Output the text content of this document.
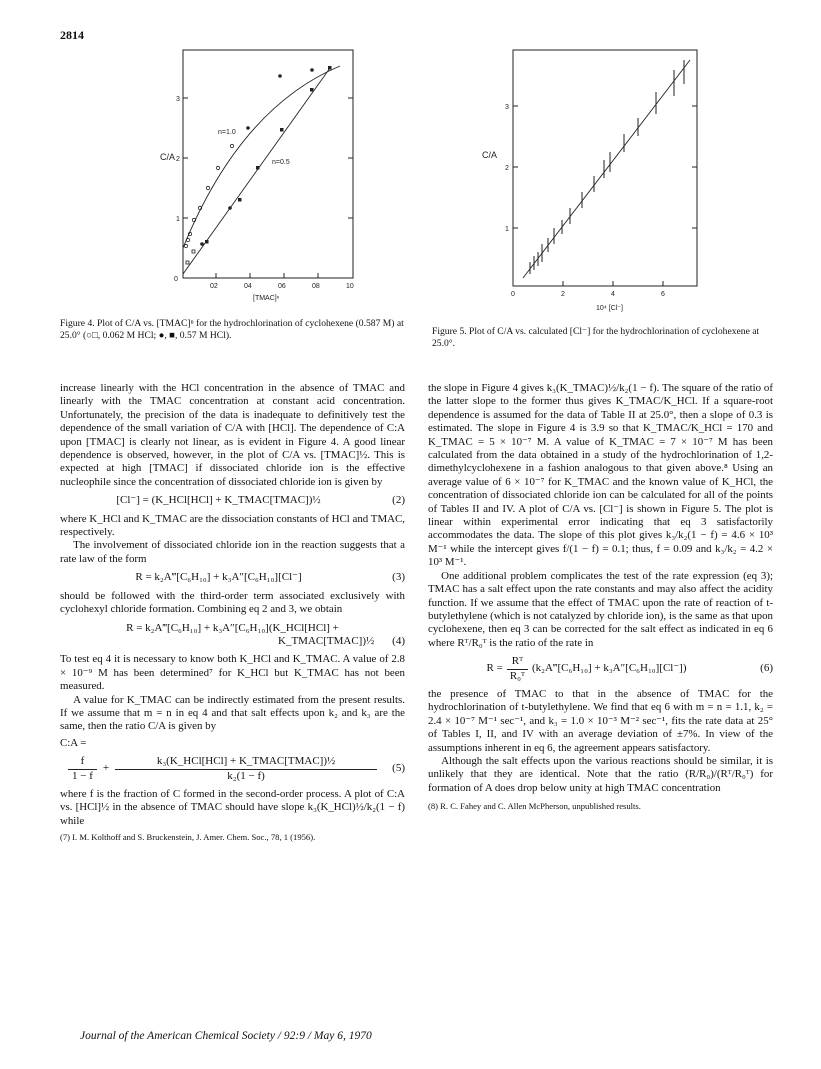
2814
0
1
2
3
02	04	06	08	10
[TMAC]ⁿ
C/A
n=1.0
n=0.5
Figure 4. Plot of C/A vs. [TMAC]ⁿ for the hydrochlorination of cyclohexene (0.587 M) at 25.0° (○□, 0.062 M HCl; ●, ■, 0.57 M HCl).
1
2
3
0	2	4	6
10⁴ [Cl⁻]
C/A
Figure 5. Plot of C/A vs. calculated [Cl⁻] for the hydrochlorination of cyclohexene at 25.0°.

increase linearly with the HCl concentration in the absence of TMAC and linearly with the TMAC concentration at constant acid concentration. Unfortunately, the precision of the data is inadequate to definitively test the dependence of the small variation of C/A with [HCl]. The dependence of C:A upon [TMAC] is clearly not linear, as is evident in Figure 4. A good linear dependence is observed, however, in the plot of C/A vs. [TMAC]½. This is expected at high [TMAC] if dissociated chloride ion is the effective nucleophile since the concentration of dissociated chloride ion is given by

[Cl⁻] = (K_HCl[HCl] + K_TMAC[TMAC])½	(2)

where K_HCl and K_TMAC are the dissociation constants of HCl and TMAC, respectively.

The involvement of dissociated chloride ion in the reaction suggests that a rate law of the form

R = k₂A‴[C₆H₁₀] + k₃A″[C₆H₁₀][Cl⁻]	(3)

should be followed with the third-order term associated exclusively with cyclohexyl chloride formation. Combining eq 2 and 3, we obtain

R = k₂A‴[C₆H₁₀] + k₃A″[C₆H₁₀](K_HCl[HCl] +
K_TMAC[TMAC])½
	(4)

To test eq 4 it is necessary to know both K_HCl and K_TMAC. A value of 2.8 × 10⁻⁹ M has been determined⁷ for K_HCl but K_TMAC has not been measured.

A value for K_TMAC can be indirectly estimated from the present results. If we assume that m = n in eq 4 and that salt effects upon k₂ and k₃ are the same, then the ratio C/A is given by

C:A =
$\frac{f}{1 - f}$ +
k₃(K_HCl[HCl] + K_TMAC[TMAC])½
k₂(1 − f)
(5)

where f is the fraction of C formed in the second-order process. A plot of C:A vs. [HCl]½ in the absence of TMAC should have slope k₃(K_HCl)½/k₂(1 − f) while

(7) I. M. Kolthoff and S. Bruckenstein, J. Amer. Chem. Soc., 78, 1 (1956).

the slope in Figure 4 gives k₃(K_TMAC)½/k₂(1 − f). The square of the ratio of the latter slope to the former thus gives K_TMAC/K_HCl. If a square-root dependence is assumed for the data of Table II at 25.0°, then a slope of 0.3 is estimated. The slope in Figure 4 is 3.9 so that K_TMAC/K_HCl = 170 and K_TMAC = 5 × 10⁻⁷ M. A value of K_TMAC = 7 × 10⁻⁷ M has been calculated from the data obtained in a study of the hydrochlorination of 1,2-dimethylcyclohexene in a fashion analogous to that given above.⁸ Using an average value of 6 × 10⁻⁷ for K_TMAC and the known value of K_HCl, the concentration of dissociated chloride ion can be calculated for all of the points of Tables II and IV. A plot of C/A vs. [Cl⁻] is shown in Figure 5. The plot is linear within experimental error indicating that eq 3 satisfactorily accommodates the data. The slope of this plot gives k₃/k₂(1 − f) = 4.6 × 10³ M⁻¹ while the intercept gives f/(1 − f) = 0.1; thus, f = 0.09 and k₃/k₂ = 4.2 × 10³ M⁻¹.

One additional problem complicates the test of the rate expression (eq 3); TMAC has a salt effect upon the rate constants and may also affect the acidity function. If we assume that the effect of TMAC upon the rate of reaction of t-butylethylene (which is not catalyzed by chloride ion), is the same as that upon cyclohexene, then eq 3 can be corrected for the salt effect as indicated in eq 6 where Rᵀ/R₀ᵀ is the ratio of the rate in

$R = \frac{\text{Rᵀ}}{\text{R₀ᵀ}}$ (k₂A‴[C₆H₁₀] + k₃A″[C₆H₁₀][Cl⁻])	(6)

the presence of TMAC to that in the absence of TMAC for the hydrochlorination of t-butylethylene. We find that eq 6 with m = n = 1.1, k₂ = 2.4 × 10⁻⁷ M⁻¹ sec⁻¹, and k₃ = 1.0 × 10⁻³ M⁻² sec⁻¹, fits the rate data at 25° of Tables I, II, and IV with an average deviation of ±7%. In view of the assumptions inherent in eq 6, the agreement appears satisfactory.

Although the salt effects upon the various reactions should be similar, it is unlikely that they are identical. Note that the ratio (R/R₀)/(Rᵀ/R₀ᵀ) for formation of A does drop below unity at high TMAC concentration

(8) R. C. Fahey and C. Allen McPherson, unpublished results.

Journal of the American Chemical Society / 92:9 / May 6, 1970
